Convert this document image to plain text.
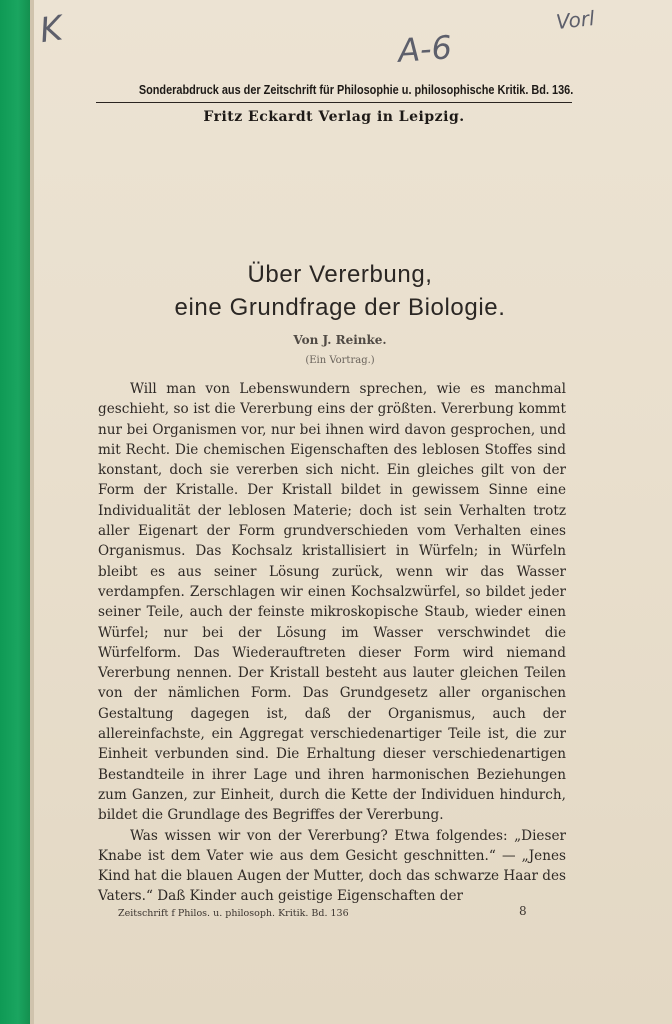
K	A-6
Vorl
Sonderabdruck aus der Zeitschrift für Philosophie u. philosophische Kritik. Bd. 136.
Fritz Eckardt Verlag in Leipzig.
Über Vererbung,
eine Grundfrage der Biologie.
Von J. Reinke.
(Ein Vortrag.)

Will man von Lebenswundern sprechen, wie es manchmal geschieht, so ist die Vererbung eins der größten. Vererbung kommt nur bei Organismen vor, nur bei ihnen wird davon gesprochen, und mit Recht. Die chemischen Eigenschaften des leblosen Stoffes sind konstant, doch sie vererben sich nicht. Ein gleiches gilt von der Form der Kristalle. Der Kristall bildet in gewissem Sinne eine Individualität der leblosen Materie; doch ist sein Verhalten trotz aller Eigenart der Form grundverschieden vom Verhalten eines Organismus. Das Kochsalz kristallisiert in Würfeln; in Würfeln bleibt es aus seiner Lösung zurück, wenn wir das Wasser verdampfen. Zerschlagen wir einen Kochsalzwürfel, so bildet jeder seiner Teile, auch der feinste mikroskopische Staub, wieder einen Würfel; nur bei der Lösung im Wasser verschwindet die Würfelform. Das Wiederauftreten dieser Form wird niemand Vererbung nennen. Der Kristall besteht aus lauter gleichen Teilen von der nämlichen Form. Das Grundgesetz aller organischen Gestaltung dagegen ist, daß der Organismus, auch der allereinfachste, ein Aggregat verschiedenartiger Teile ist, die zur Einheit verbunden sind. Die Erhaltung dieser verschiedenartigen Bestandteile in ihrer Lage und ihren harmonischen Beziehungen zum Ganzen, zur Einheit, durch die Kette der Individuen hindurch, bildet die Grundlage des Begriffes der Vererbung.

Was wissen wir von der Vererbung? Etwa folgendes: „Dieser Knabe ist dem Vater wie aus dem Gesicht geschnitten.“ — „Jenes Kind hat die blauen Augen der Mutter, doch das schwarze Haar des Vaters.“ Daß Kinder auch geistige Eigenschaften der

Zeitschrift f Philos. u. philosoph. Kritik. Bd. 136	8
